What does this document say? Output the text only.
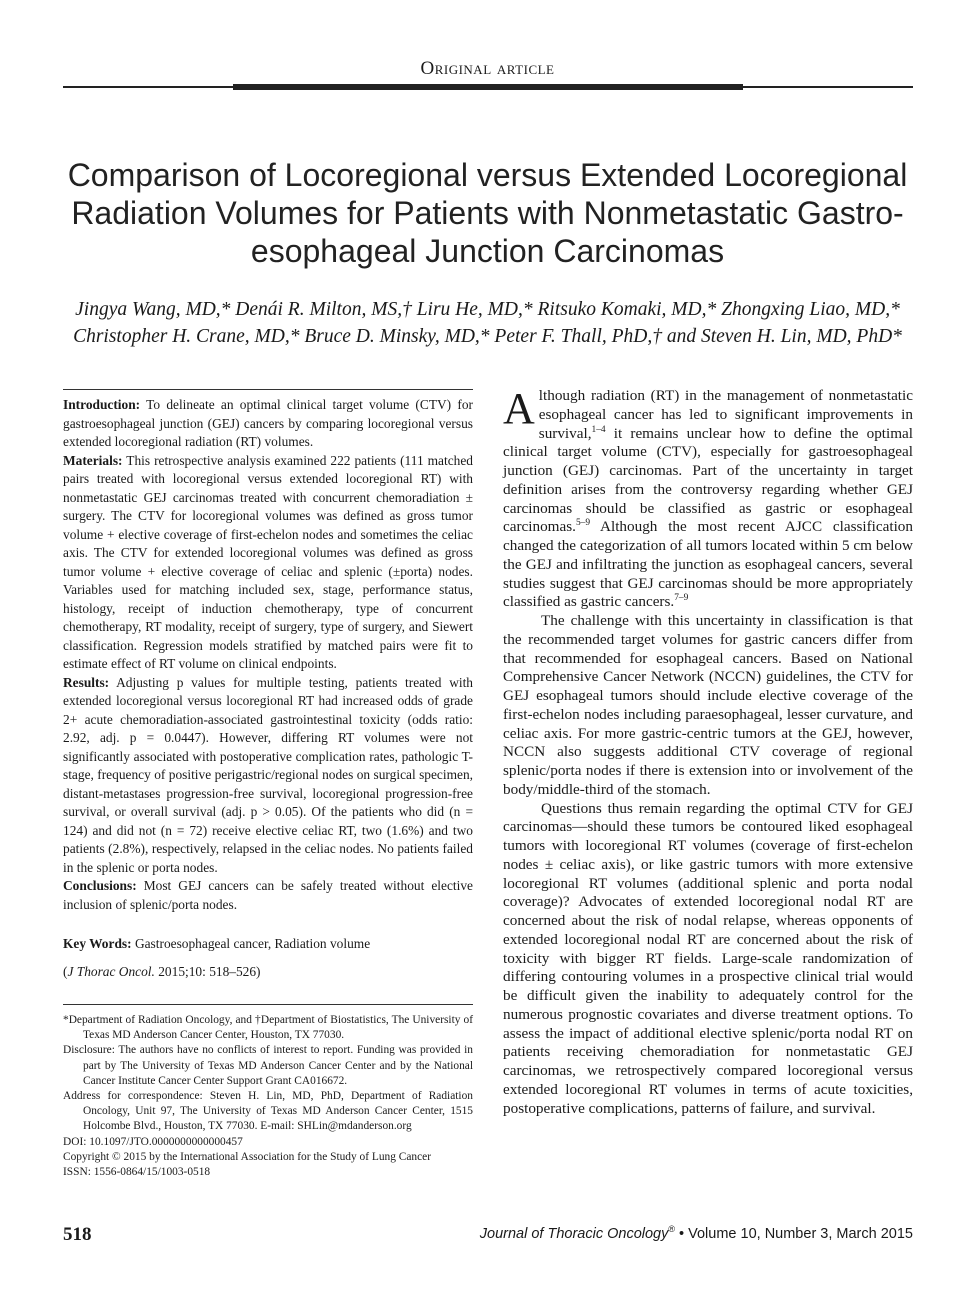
Original article
Comparison of Locoregional versus Extended Locoregional Radiation Volumes for Patients with Nonmetastatic Gastro-esophageal Junction Carcinomas
Jingya Wang, MD,* Denái R. Milton, MS,† Liru He, MD,* Ritsuko Komaki, MD,* Zhongxing Liao, MD,*
Christopher H. Crane, MD,* Bruce D. Minsky, MD,* Peter F. Thall, PhD,† and Steven H. Lin, MD, PhD*

Introduction: To delineate an optimal clinical target volume (CTV) for gastroesophageal junction (GEJ) cancers by comparing locoregional versus extended locoregional radiation (RT) volumes.

Materials: This retrospective analysis examined 222 patients (111 matched pairs treated with locoregional versus extended locoregional RT) with nonmetastatic GEJ carcinomas treated with concurrent chemoradiation ± surgery. The CTV for locoregional volumes was defined as gross tumor volume + elective coverage of first-echelon nodes and sometimes the celiac axis. The CTV for extended locoregional volumes was defined as gross tumor volume + elective coverage of celiac and splenic (±porta) nodes. Variables used for matching included sex, stage, performance status, histology, receipt of induction chemotherapy, type of concurrent chemotherapy, RT modality, receipt of surgery, type of surgery, and Siewert classification. Regression models stratified by matched pairs were fit to estimate effect of RT volume on clinical endpoints.

Results: Adjusting p values for multiple testing, patients treated with extended locoregional versus locoregional RT had increased odds of grade 2+ acute chemoradiation-associated gastrointestinal toxicity (odds ratio: 2.92, adj. p = 0.0447). However, differing RT volumes were not significantly associated with postoperative complication rates, pathologic T-stage, frequency of positive perigastric/regional nodes on surgical specimen, distant-metastases progression-free survival, locoregional progression-free survival, or overall survival (adj. p > 0.05). Of the patients who did (n = 124) and did not (n = 72) receive elective celiac RT, two (1.6%) and two patients (2.8%), respectively, relapsed in the celiac nodes. No patients failed in the splenic or porta nodes.

Conclusions: Most GEJ cancers can be safely treated without elective inclusion of splenic/porta nodes.

Key Words: Gastroesophageal cancer, Radiation volume
(J Thorac Oncol. 2015;10: 518–526)

*Department of Radiation Oncology, and †Department of Biostatistics, The University of Texas MD Anderson Cancer Center, Houston, TX 77030.

Disclosure: The authors have no conflicts of interest to report. Funding was provided in part by The University of Texas MD Anderson Cancer Center and by the National Cancer Institute Cancer Center Support Grant CA016672.

Address for correspondence: Steven H. Lin, MD, PhD, Department of Radiation Oncology, Unit 97, The University of Texas MD Anderson Cancer Center, 1515 Holcombe Blvd., Houston, TX 77030. E-mail: SHLin@mdanderson.org

DOI: 10.1097/JTO.0000000000000457

Copyright © 2015 by the International Association for the Study of Lung Cancer

ISSN: 1556-0864/15/1003-0518

Although radiation (RT) in the management of nonmetastatic esophageal cancer has led to significant improvements in survival,$^{1-4}$ it remains unclear how to define the optimal clinical target volume (CTV), especially for gastroesophageal junction (GEJ) carcinomas. Part of the uncertainty in target definition arises from the controversy regarding whether GEJ carcinomas should be classified as gastric or esophageal carcinomas.$^{5-9}$ Although the most recent AJCC classification changed the categorization of all tumors located within 5 cm below the GEJ and infiltrating the junction as esophageal cancers, several studies suggest that GEJ carcinomas should be more appropriately classified as gastric cancers.$^{7-9}$

The challenge with this uncertainty in classification is that the recommended target volumes for gastric cancers differ from that recommended for esophageal cancers. Based on National Comprehensive Cancer Network (NCCN) guidelines, the CTV for GEJ esophageal tumors should include elective coverage of the first-echelon nodes including paraesophageal, lesser curvature, and celiac axis. For more gastric-centric tumors at the GEJ, however, NCCN also suggests additional CTV coverage of regional splenic/porta nodes if there is extension into or involvement of the body/middle-third of the stomach.

Questions thus remain regarding the optimal CTV for GEJ carcinomas—should these tumors be contoured liked esophageal tumors with locoregional RT volumes (coverage of first-echelon nodes ± celiac axis), or like gastric tumors with more extensive locoregional RT volumes (additional splenic and porta nodal coverage)? Advocates of extended locoregional nodal RT are concerned about the risk of nodal relapse, whereas opponents of extended locoregional nodal RT are concerned about the risk of toxicity with bigger RT fields. Large-scale randomization of differing contouring volumes in a prospective clinical trial would be difficult given the inability to adequately control for the numerous prognostic covariates and diverse treatment options. To assess the impact of additional elective splenic/porta nodal RT on patients receiving chemoradiation for nonmetastatic GEJ carcinomas, we retrospectively compared locoregional versus extended locoregional RT volumes in terms of acute toxicities, postoperative complications, patterns of failure, and survival.

518	Journal of Thoracic Oncology® • Volume 10, Number 3, March 2015
